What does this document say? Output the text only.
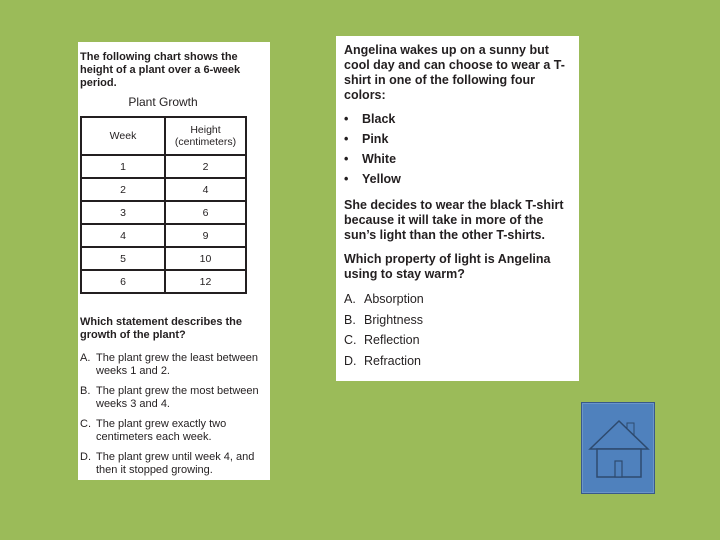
The following chart shows the height of a plant over a 6-week period.
Plant Growth
Week	Height (centimeters)
1	2
2	4
3	6
4	9
5	10
6	12
Which statement describes the growth of the plant?
A. The plant grew the least between weeks 1 and 2.
B. The plant grew the most between weeks 3 and 4.
C. The plant grew exactly two centimeters each week.
D. The plant grew until week 4, and then it stopped growing.
Angelina wakes up on a sunny but cool day and can choose to wear a T-shirt in one of the following four colors:
•	Black
•	Pink
•	White
•	Yellow
She decides to wear the black T-shirt because it will take in more of the sun’s light than the other T-shirts.
Which property of light is Angelina using to stay warm?
A. Absorption
B. Brightness
C. Reflection
D. Refraction
